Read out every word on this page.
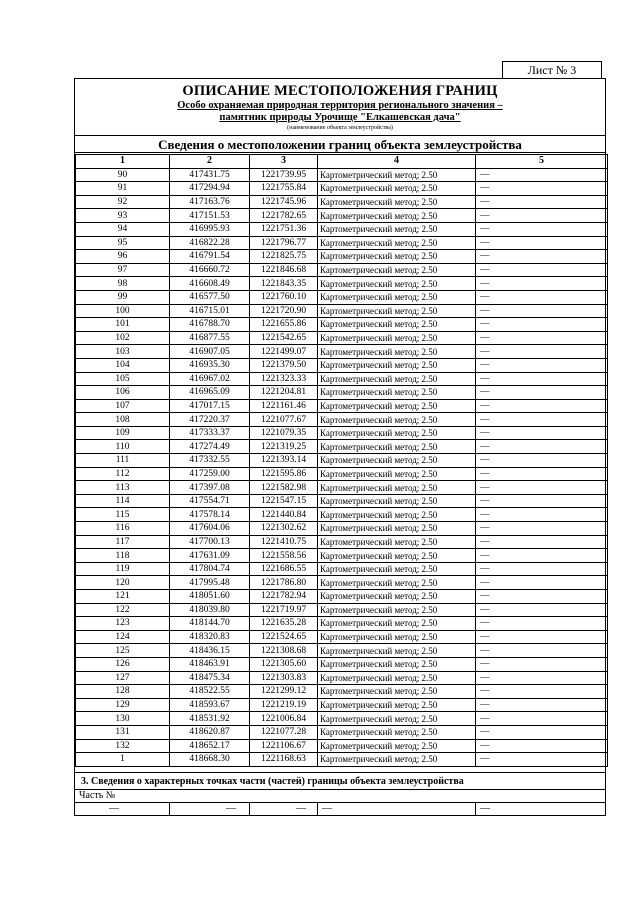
Лист № 3
ОПИСАНИЕ МЕСТОПОЛОЖЕНИЯ ГРАНИЦ
Особо охраняемая природная территория регионального значения –
памятник природы Урочище "Елкашевская дача"
(наименование объекта землеустройства)
Сведения о местоположении границ объекта землеустройства
1	2	3	4	5
90	417431.75	1221739.95	Картометрический метод; 2.50	—
91	417294.94	1221755.84	Картометрический метод; 2.50	—
92	417163.76	1221745.96	Картометрический метод; 2.50	—
93	417151.53	1221782.65	Картометрический метод; 2.50	—
94	416995.93	1221751.36	Картометрический метод; 2.50	—
95	416822.28	1221796.77	Картометрический метод; 2.50	—
96	416791.54	1221825.75	Картометрический метод; 2.50	—
97	416660.72	1221846.68	Картометрический метод; 2.50	—
98	416608.49	1221843.35	Картометрический метод; 2.50	—
99	416577.50	1221760.10	Картометрический метод; 2.50	—
100	416715.01	1221720.90	Картометрический метод; 2.50	—
101	416788.70	1221655.86	Картометрический метод; 2.50	—
102	416877.55	1221542.65	Картометрический метод; 2.50	—
103	416907.05	1221499.07	Картометрический метод; 2.50	—
104	416935.30	1221379.50	Картометрический метод; 2.50	—
105	416967.02	1221323.33	Картометрический метод; 2.50	—
106	416965.09	1221204.81	Картометрический метод; 2.50	—
107	417017.15	1221161.46	Картометрический метод; 2.50	—
108	417220.37	1221077.67	Картометрический метод; 2.50	—
109	417333.37	1221079.35	Картометрический метод; 2.50	—
110	417274.49	1221319.25	Картометрический метод; 2.50	—
111	417332.55	1221393.14	Картометрический метод; 2.50	—
112	417259.00	1221595.86	Картометрический метод; 2.50	—
113	417397.08	1221582.98	Картометрический метод; 2.50	—
114	417554.71	1221547.15	Картометрический метод; 2.50	—
115	417578.14	1221440.84	Картометрический метод; 2.50	—
116	417604.06	1221302.62	Картометрический метод; 2.50	—
117	417700.13	1221410.75	Картометрический метод; 2.50	—
118	417631.09	1221558.56	Картометрический метод; 2.50	—
119	417804.74	1221686.55	Картометрический метод; 2.50	—
120	417995.48	1221786.80	Картометрический метод; 2.50	—
121	418051.60	1221782.94	Картометрический метод; 2.50	—
122	418039.80	1221719.97	Картометрический метод; 2.50	—
123	418144.70	1221635.28	Картометрический метод; 2.50	—
124	418320.83	1221524.65	Картометрический метод; 2.50	—
125	418436.15	1221308.68	Картометрический метод; 2.50	—
126	418463.91	1221305.60	Картометрический метод; 2.50	—
127	418475.34	1221303.83	Картометрический метод; 2.50	—
128	418522.55	1221299.12	Картометрический метод; 2.50	—
129	418593.67	1221219.19	Картометрический метод; 2.50	—
130	418531.92	1221006.84	Картометрический метод; 2.50	—
131	418620.87	1221077.28	Картометрический метод; 2.50	—
132	418652.17	1221106.67	Картометрический метод; 2.50	—
1	418668.30	1221168.63	Картометрический метод; 2.50	—
3. Сведения о характерных точках части (частей) границы объекта землеустройства
Часть №
—	—	—	—	—
